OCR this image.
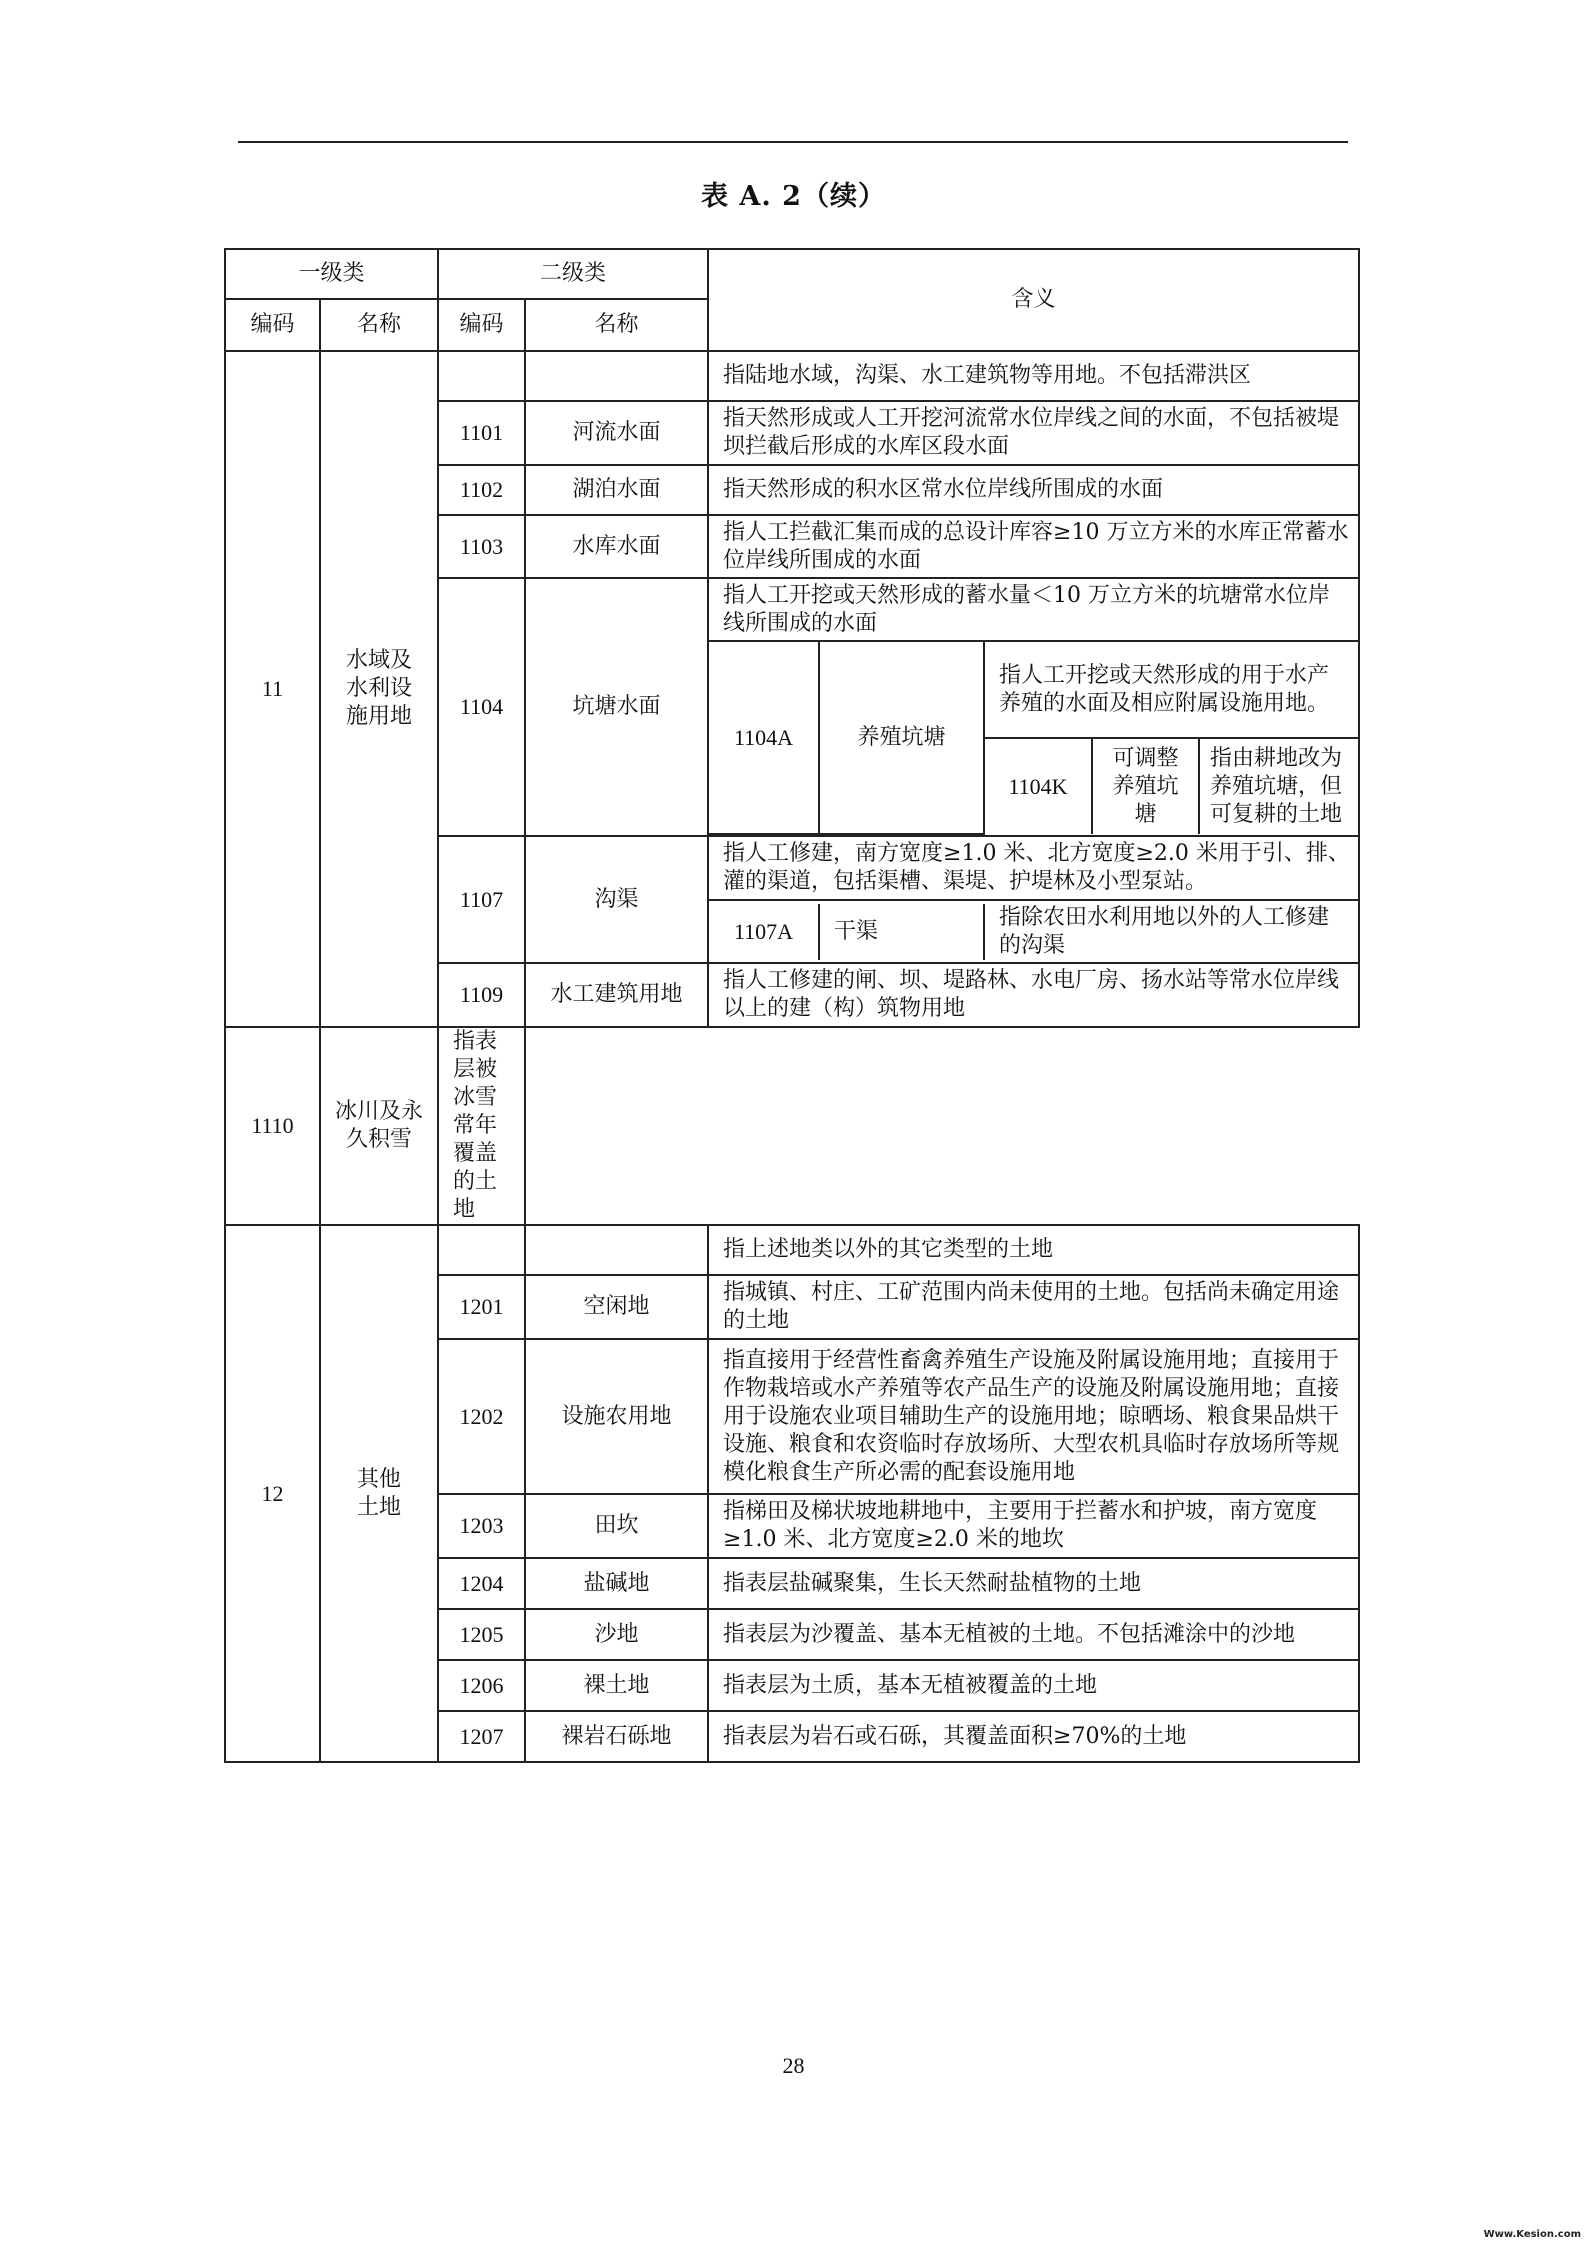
表 A. 2（续）
一级类	二级类	含义
编码	名称	编码	名称
11	水域及水利设施用地			指陆地水域，沟渠、水工建筑物等用地。不包括滞洪区
1101	河流水面	指天然形成或人工开挖河流常水位岸线之间的水面，不包括被堤坝拦截后形成的水库区段水面
1102	湖泊水面	指天然形成的积水区常水位岸线所围成的水面
1103	水库水面	指人工拦截汇集而成的总设计库容≥10 万立方米的水库正常蓄水位岸线所围成的水面
1104	坑塘水面	指人工开挖或天然形成的蓄水量＜10 万立方米的坑塘常水位岸线所围成的水面

1104A	养殖坑塘	指人工开挖或天然形成的用于水产养殖的水面及相应附属设施用地。
1104K	可调整养殖坑塘	指由耕地改为养殖坑塘，但可复耕的土地

1107	沟渠	指人工修建，南方宽度≥1.0 米、北方宽度≥2.0 米用于引、排、灌的渠道，包括渠槽、渠堤、护堤林及小型泵站。

1107A	干渠	指除农田水利用地以外的人工修建的沟渠

1109	水工建筑用地	指人工修建的闸、坝、堤路林、水电厂房、扬水站等常水位岸线以上的建（构）筑物用地
1110	冰川及永久积雪	指表层被冰雪常年覆盖的土地
12	其他土地			指上述地类以外的其它类型的土地
1201	空闲地	指城镇、村庄、工矿范围内尚未使用的土地。包括尚未确定用途的土地
1202	设施农用地	指直接用于经营性畜禽养殖生产设施及附属设施用地；直接用于作物栽培或水产养殖等农产品生产的设施及附属设施用地；直接用于设施农业项目辅助生产的设施用地；晾晒场、粮食果品烘干设施、粮食和农资临时存放场所、大型农机具临时存放场所等规模化粮食生产所必需的配套设施用地
1203	田坎	指梯田及梯状坡地耕地中，主要用于拦蓄水和护坡，南方宽度≥1.0 米、北方宽度≥2.0 米的地坎
1204	盐碱地	指表层盐碱聚集，生长天然耐盐植物的土地
1205	沙地	指表层为沙覆盖、基本无植被的土地。不包括滩涂中的沙地
1206	裸土地	指表层为土质，基本无植被覆盖的土地
1207	裸岩石砾地	指表层为岩石或石砾，其覆盖面积≥70%的土地
28
Www.Kesion.com
